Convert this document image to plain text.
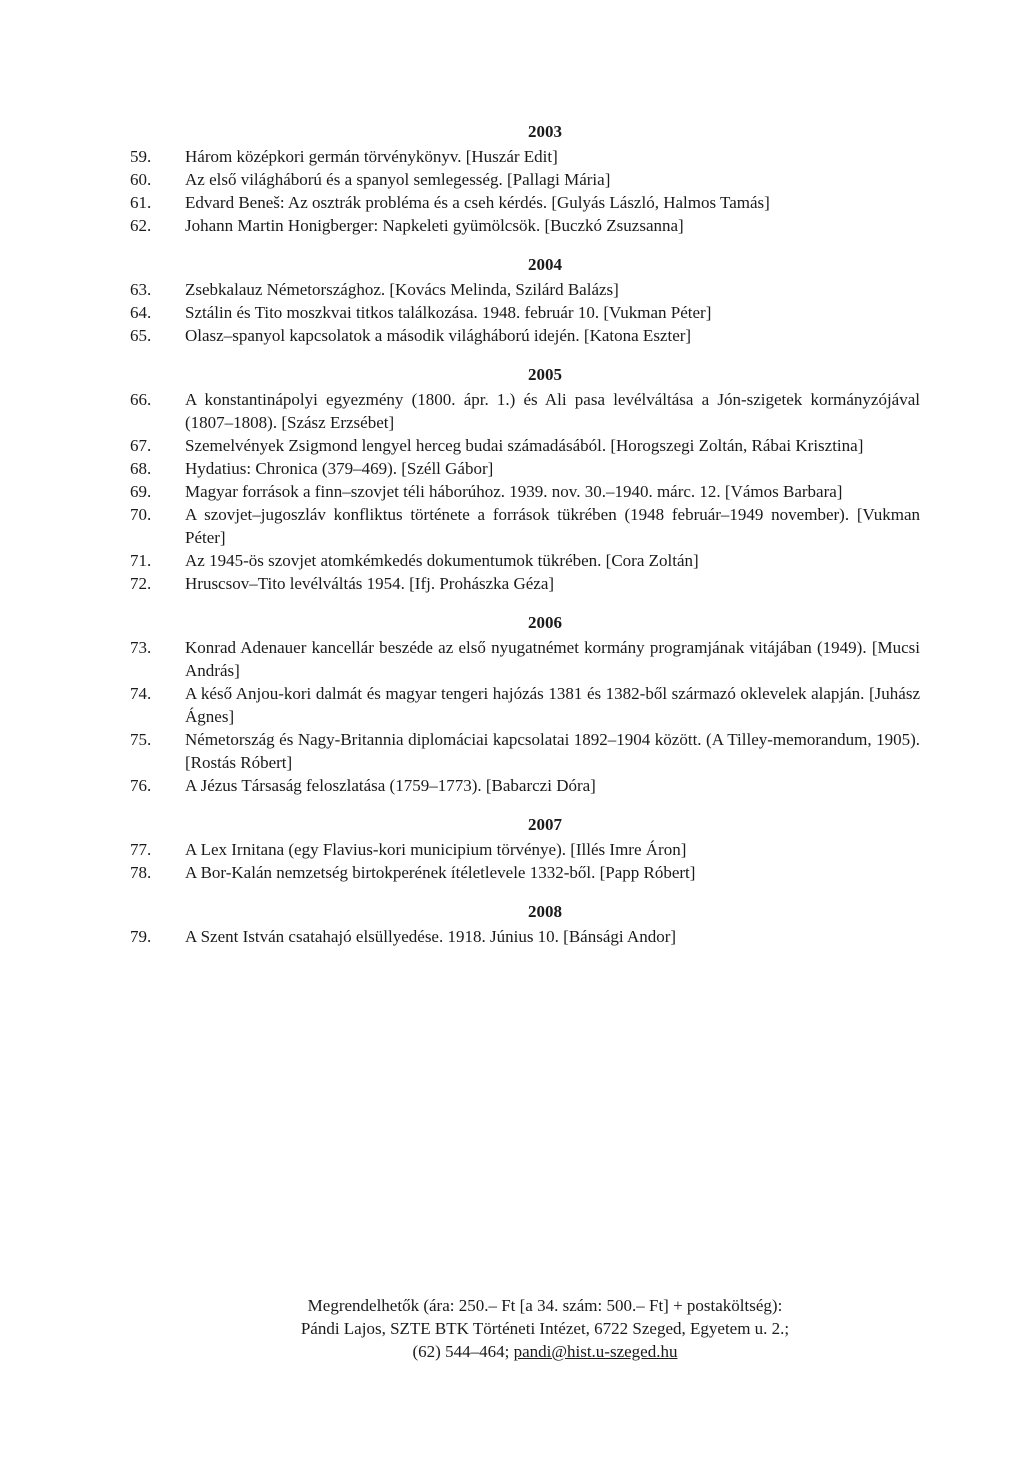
2003
59.	Három középkori germán törvénykönyv. [Huszár Edit]
60.	Az első világháború és a spanyol semlegesség. [Pallagi Mária]
61.	Edvard Beneš: Az osztrák probléma és a cseh kérdés. [Gulyás László, Halmos Tamás]
62.	Johann Martin Honigberger: Napkeleti gyümölcsök. [Buczkó Zsuzsanna]
2004
63.	Zsebkalauz Németországhoz. [Kovács Melinda, Szilárd Balázs]
64.	Sztálin és Tito moszkvai titkos találkozása. 1948. február 10. [Vukman Péter]
65.	Olasz–spanyol kapcsolatok a második világháború idején. [Katona Eszter]
2005
66.	A konstantinápolyi egyezmény (1800. ápr. 1.) és Ali pasa levélváltása a Jón-szigetek kormányzójával (1807–1808). [Szász Erzsébet]
67.	Szemelvények Zsigmond lengyel herceg budai számadásából. [Horogszegi Zoltán, Rábai Krisztina]
68.	Hydatius: Chronica (379–469). [Széll Gábor]
69.	Magyar források a finn–szovjet téli háborúhoz. 1939. nov. 30.–1940. márc. 12. [Vámos Barbara]
70.	A szovjet–jugoszláv konfliktus története a források tükrében (1948 február–1949 november). [Vukman Péter]
71.	Az 1945-ös szovjet atomkémkedés dokumentumok tükrében. [Cora Zoltán]
72.	Hruscsov–Tito levélváltás 1954. [Ifj. Prohászka Géza]
2006
73.	Konrad Adenauer kancellár beszéde az első nyugatnémet kormány programjának vitájában (1949). [Mucsi András]
74.	A késő Anjou-kori dalmát és magyar tengeri hajózás 1381 és 1382-ből származó oklevelek alapján. [Juhász Ágnes]
75.	Németország és Nagy-Britannia diplomáciai kapcsolatai 1892–1904 között. (A Tilley-memorandum, 1905). [Rostás Róbert]
76.	A Jézus Társaság feloszlatása (1759–1773). [Babarczi Dóra]
2007
77.	A Lex Irnitana (egy Flavius-kori municipium törvénye). [Illés Imre Áron]
78.	A Bor-Kalán nemzetség birtokperének ítéletlevele 1332-ből. [Papp Róbert]
2008
79.	A Szent István csatahajó elsüllyedése. 1918. Június 10. [Bánsági Andor]
Megrendelhetők (ára: 250.– Ft [a 34. szám: 500.– Ft] + postaköltség):
Pándi Lajos, SZTE BTK Történeti Intézet, 6722 Szeged, Egyetem u. 2.;
(62) 544–464; pandi@hist.u-szeged.hu
